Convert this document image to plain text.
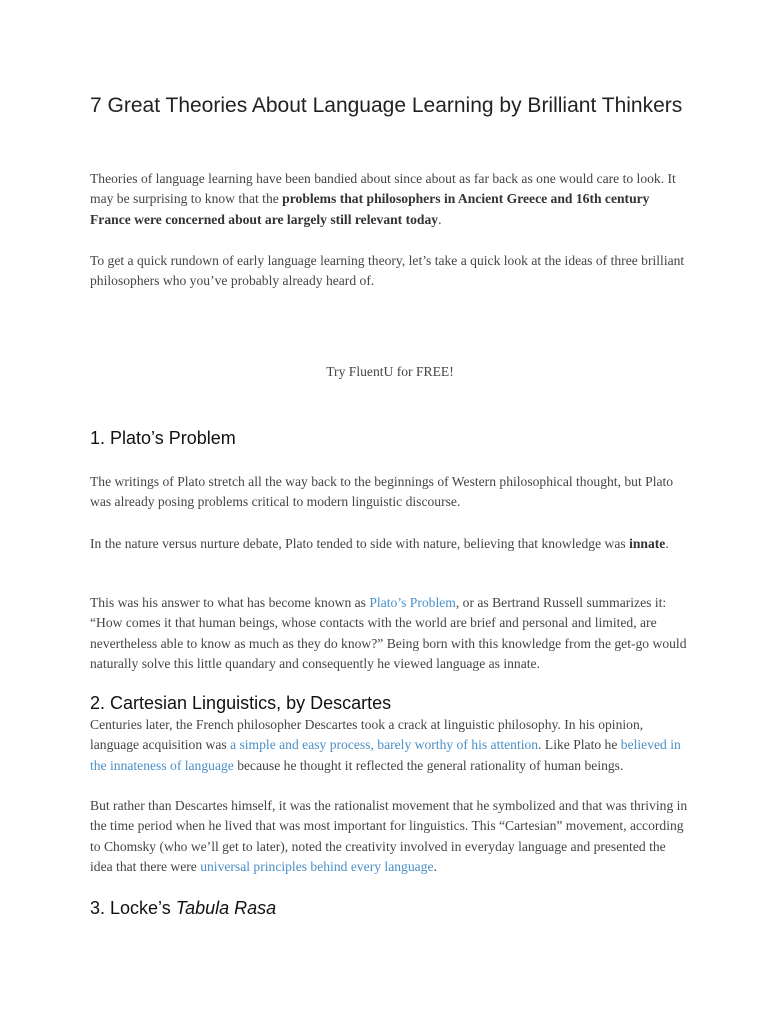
7 Great Theories About Language Learning by Brilliant Thinkers

Theories of language learning have been bandied about since about as far back as one would care to look. It may be surprising to know that the problems that philosophers in Ancient Greece and 16th century France were concerned about are largely still relevant today.

To get a quick rundown of early language learning theory, let’s take a quick look at the ideas of three brilliant philosophers who you’ve probably already heard of.

Try FluentU for FREE!

1. Plato’s Problem

The writings of Plato stretch all the way back to the beginnings of Western philosophical thought, but Plato was already posing problems critical to modern linguistic discourse.

In the nature versus nurture debate, Plato tended to side with nature, believing that knowledge was innate.

This was his answer to what has become known as Plato’s Problem, or as Bertrand Russell summarizes it: “How comes it that human beings, whose contacts with the world are brief and personal and limited, are nevertheless able to know as much as they do know?” Being born with this knowledge from the get-go would naturally solve this little quandary and consequently he viewed language as innate.

2. Cartesian Linguistics, by Descartes

Centuries later, the French philosopher Descartes took a crack at linguistic philosophy. In his opinion, language acquisition was a simple and easy process, barely worthy of his attention. Like Plato he believed in the innateness of language because he thought it reflected the general rationality of human beings.

But rather than Descartes himself, it was the rationalist movement that he symbolized and that was thriving in the time period when he lived that was most important for linguistics. This “Cartesian” movement, according to Chomsky (who we’ll get to later), noted the creativity involved in everyday language and presented the idea that there were universal principles behind every language.

3. Locke’s Tabula Rasa
